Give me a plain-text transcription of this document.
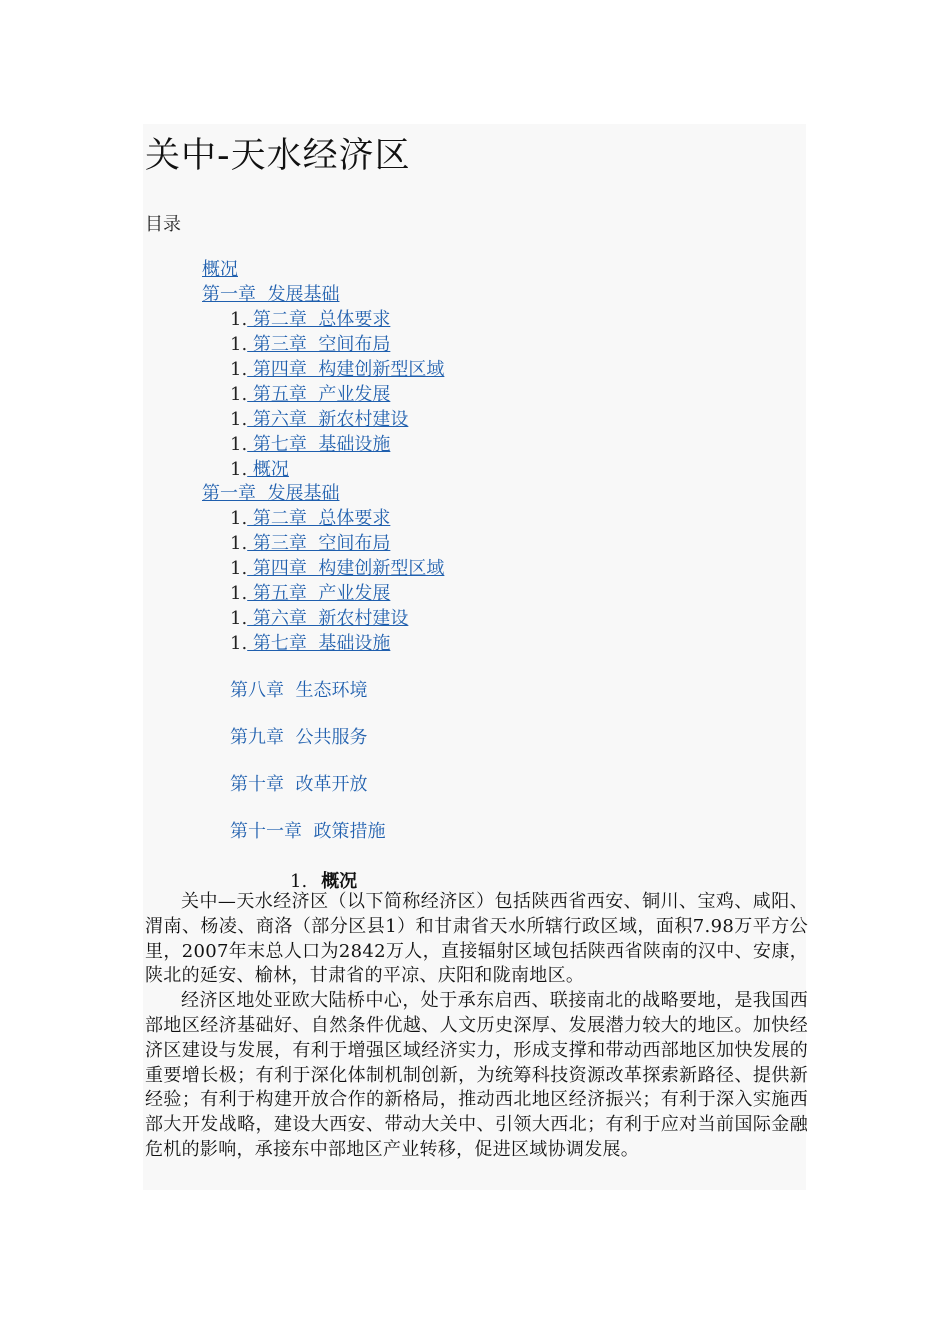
关中-天水经济区
目录
概况
第一章  发展基础
1. 第二章  总体要求
1. 第三章  空间布局
1. 第四章  构建创新型区域
1. 第五章  产业发展
1. 第六章  新农村建设
1. 第七章  基础设施
1. 概况
第一章  发展基础
1. 第二章  总体要求
1. 第三章  空间布局
1. 第四章  构建创新型区域
1. 第五章  产业发展
1. 第六章  新农村建设
1. 第七章  基础设施
第八章  生态环境
第九章  公共服务
第十章  改革开放
第十一章  政策措施
1. 概况

关中—天水经济区（以下简称经济区）包括陕西省西安、铜川、宝鸡、咸阳、渭南、杨凌、商洛（部分区县1）和甘肃省天水所辖行政区域，面积7.98万平方公里，2007年末总人口为2842万人，直接辐射区域包括陕西省陕南的汉中、安康，陕北的延安、榆林，甘肃省的平凉、庆阳和陇南地区。

经济区地处亚欧大陆桥中心，处于承东启西、联接南北的战略要地，是我国西部地区经济基础好、自然条件优越、人文历史深厚、发展潜力较大的地区。加快经济区建设与发展，有利于增强区域经济实力，形成支撑和带动西部地区加快发展的重要增长极；有利于深化体制机制创新，为统筹科技资源改革探索新路径、提供新经验；有利于构建开放合作的新格局，推动西北地区经济振兴；有利于深入实施西部大开发战略，建设大西安、带动大关中、引领大西北；有利于应对当前国际金融危机的影响，承接东中部地区产业转移，促进区域协调发展。
